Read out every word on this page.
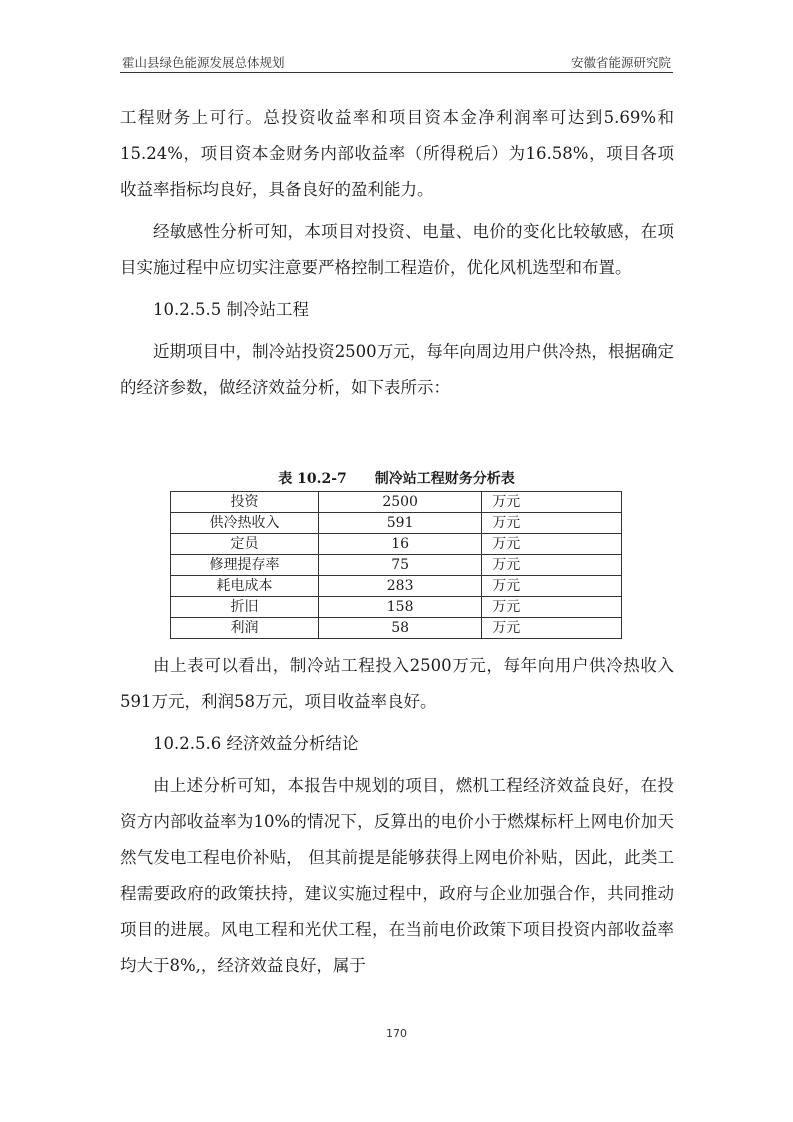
霍山县绿色能源发展总体规划	安徽省能源研究院

工程财务上可行。总投资收益率和项目资本金净利润率可达到5.69%和15.24%，项目资本金财务内部收益率（所得税后）为16.58%，项目各项收益率指标均良好，具备良好的盈利能力。

经敏感性分析可知，本项目对投资、电量、电价的变化比较敏感，在项目实施过程中应切实注意要严格控制工程造价，优化风机选型和布置。

10.2.5.5 制冷站工程

近期项目中，制冷站投资2500万元，每年向周边用户供冷热，根据确定的经济参数，做经济效益分析，如下表所示：

表 10.2-7 制冷站工程财务分析表
投资	2500	万元
供冷热收入	591	万元
定员	16	万元
修理提存率	75	万元
耗电成本	283	万元
折旧	158	万元
利润	58	万元

由上表可以看出，制冷站工程投入2500万元，每年向用户供冷热收入591万元，利润58万元，项目收益率良好。

10.2.5.6 经济效益分析结论

由上述分析可知，本报告中规划的项目，燃机工程经济效益良好，在投资方内部收益率为10%的情况下，反算出的电价小于燃煤标杆上网电价加天然气发电工程电价补贴， 但其前提是能够获得上网电价补贴，因此，此类工程需要政府的政策扶持，建议实施过程中，政府与企业加强合作，共同推动项目的进展。风电工程和光伏工程，在当前电价政策下项目投资内部收益率均大于8%,，经济效益良好，属于

170
